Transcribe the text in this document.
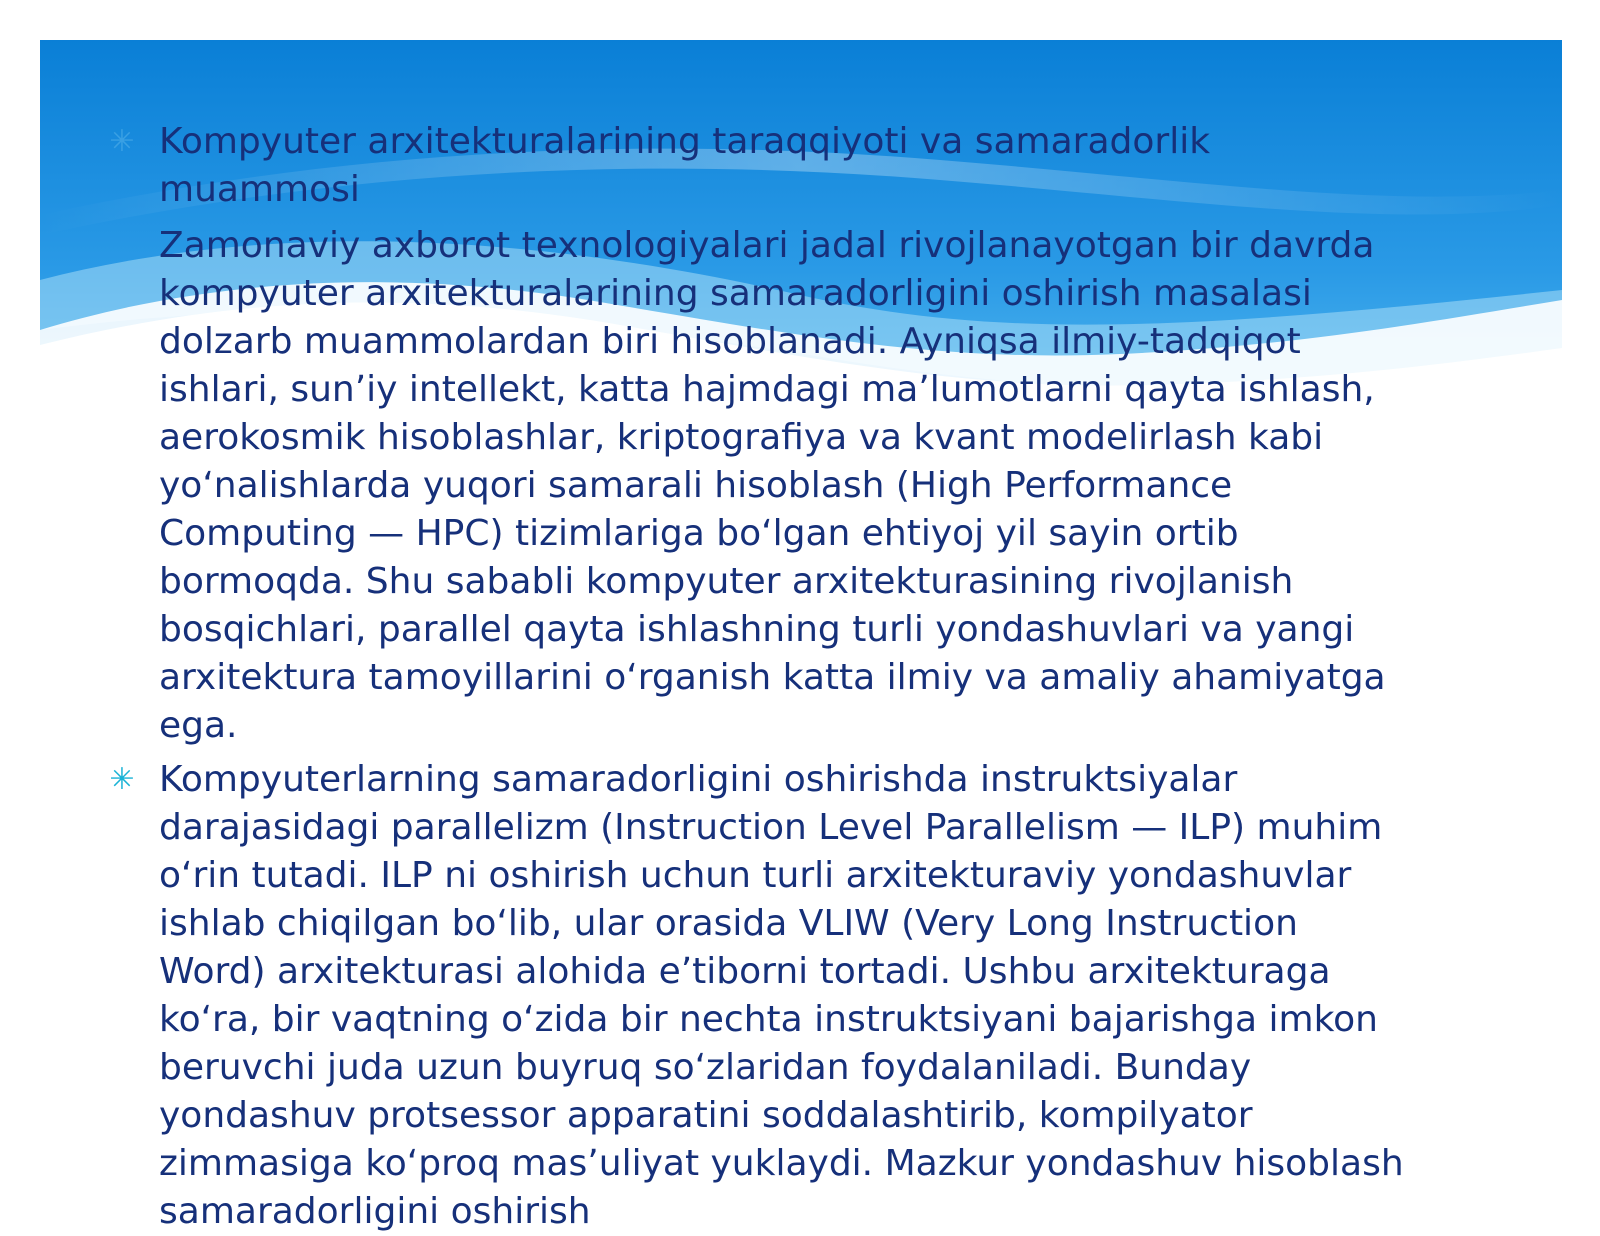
✳ Kompyuter arxitekturalarining taraqqiyoti va samaradorlik muammosi
Zamonaviy axborot texnologiyalari jadal rivojlanayotgan bir davrda kompyuter arxitekturalarining samaradorligini oshirish masalasi dolzarb muammolardan biri hisoblanadi. Ayniqsa ilmiy-tadqiqot ishlari, sun’iy intellekt, katta hajmdagi ma’lumotlarni qayta ishlash, aerokosmik hisoblashlar, kriptografiya va kvant modelirlash kabi yo‘nalishlarda yuqori samarali hisoblash (High Performance Computing — HPC) tizimlariga bo‘lgan ehtiyoj yil sayin ortib bormoqda. Shu sababli kompyuter arxitekturasining rivojlanish bosqichlari, parallel qayta ishlashning turli yondashuvlari va yangi arxitektura tamoyillarini o‘rganish katta ilmiy va amaliy ahamiyatga ega.
✳ Kompyuterlarning samaradorligini oshirishda instruktsiyalar darajasidagi parallelizm (Instruction Level Parallelism — ILP) muhim o‘rin tutadi. ILP ni oshirish uchun turli arxitekturaviy yondashuvlar ishlab chiqilgan bo‘lib, ular orasida VLIW (Very Long Instruction Word) arxitekturasi alohida e’tiborni tortadi. Ushbu arxitekturaga ko‘ra, bir vaqtning o‘zida bir nechta instruktsiyani bajarishga imkon beruvchi juda uzun buyruq so‘zlaridan foydalaniladi. Bunday yondashuv protsessor apparatini soddalashtirib, kompilyator zimmasiga ko‘proq mas’uliyat yuklaydi. Mazkur yondashuv hisoblash samaradorligini oshirish
